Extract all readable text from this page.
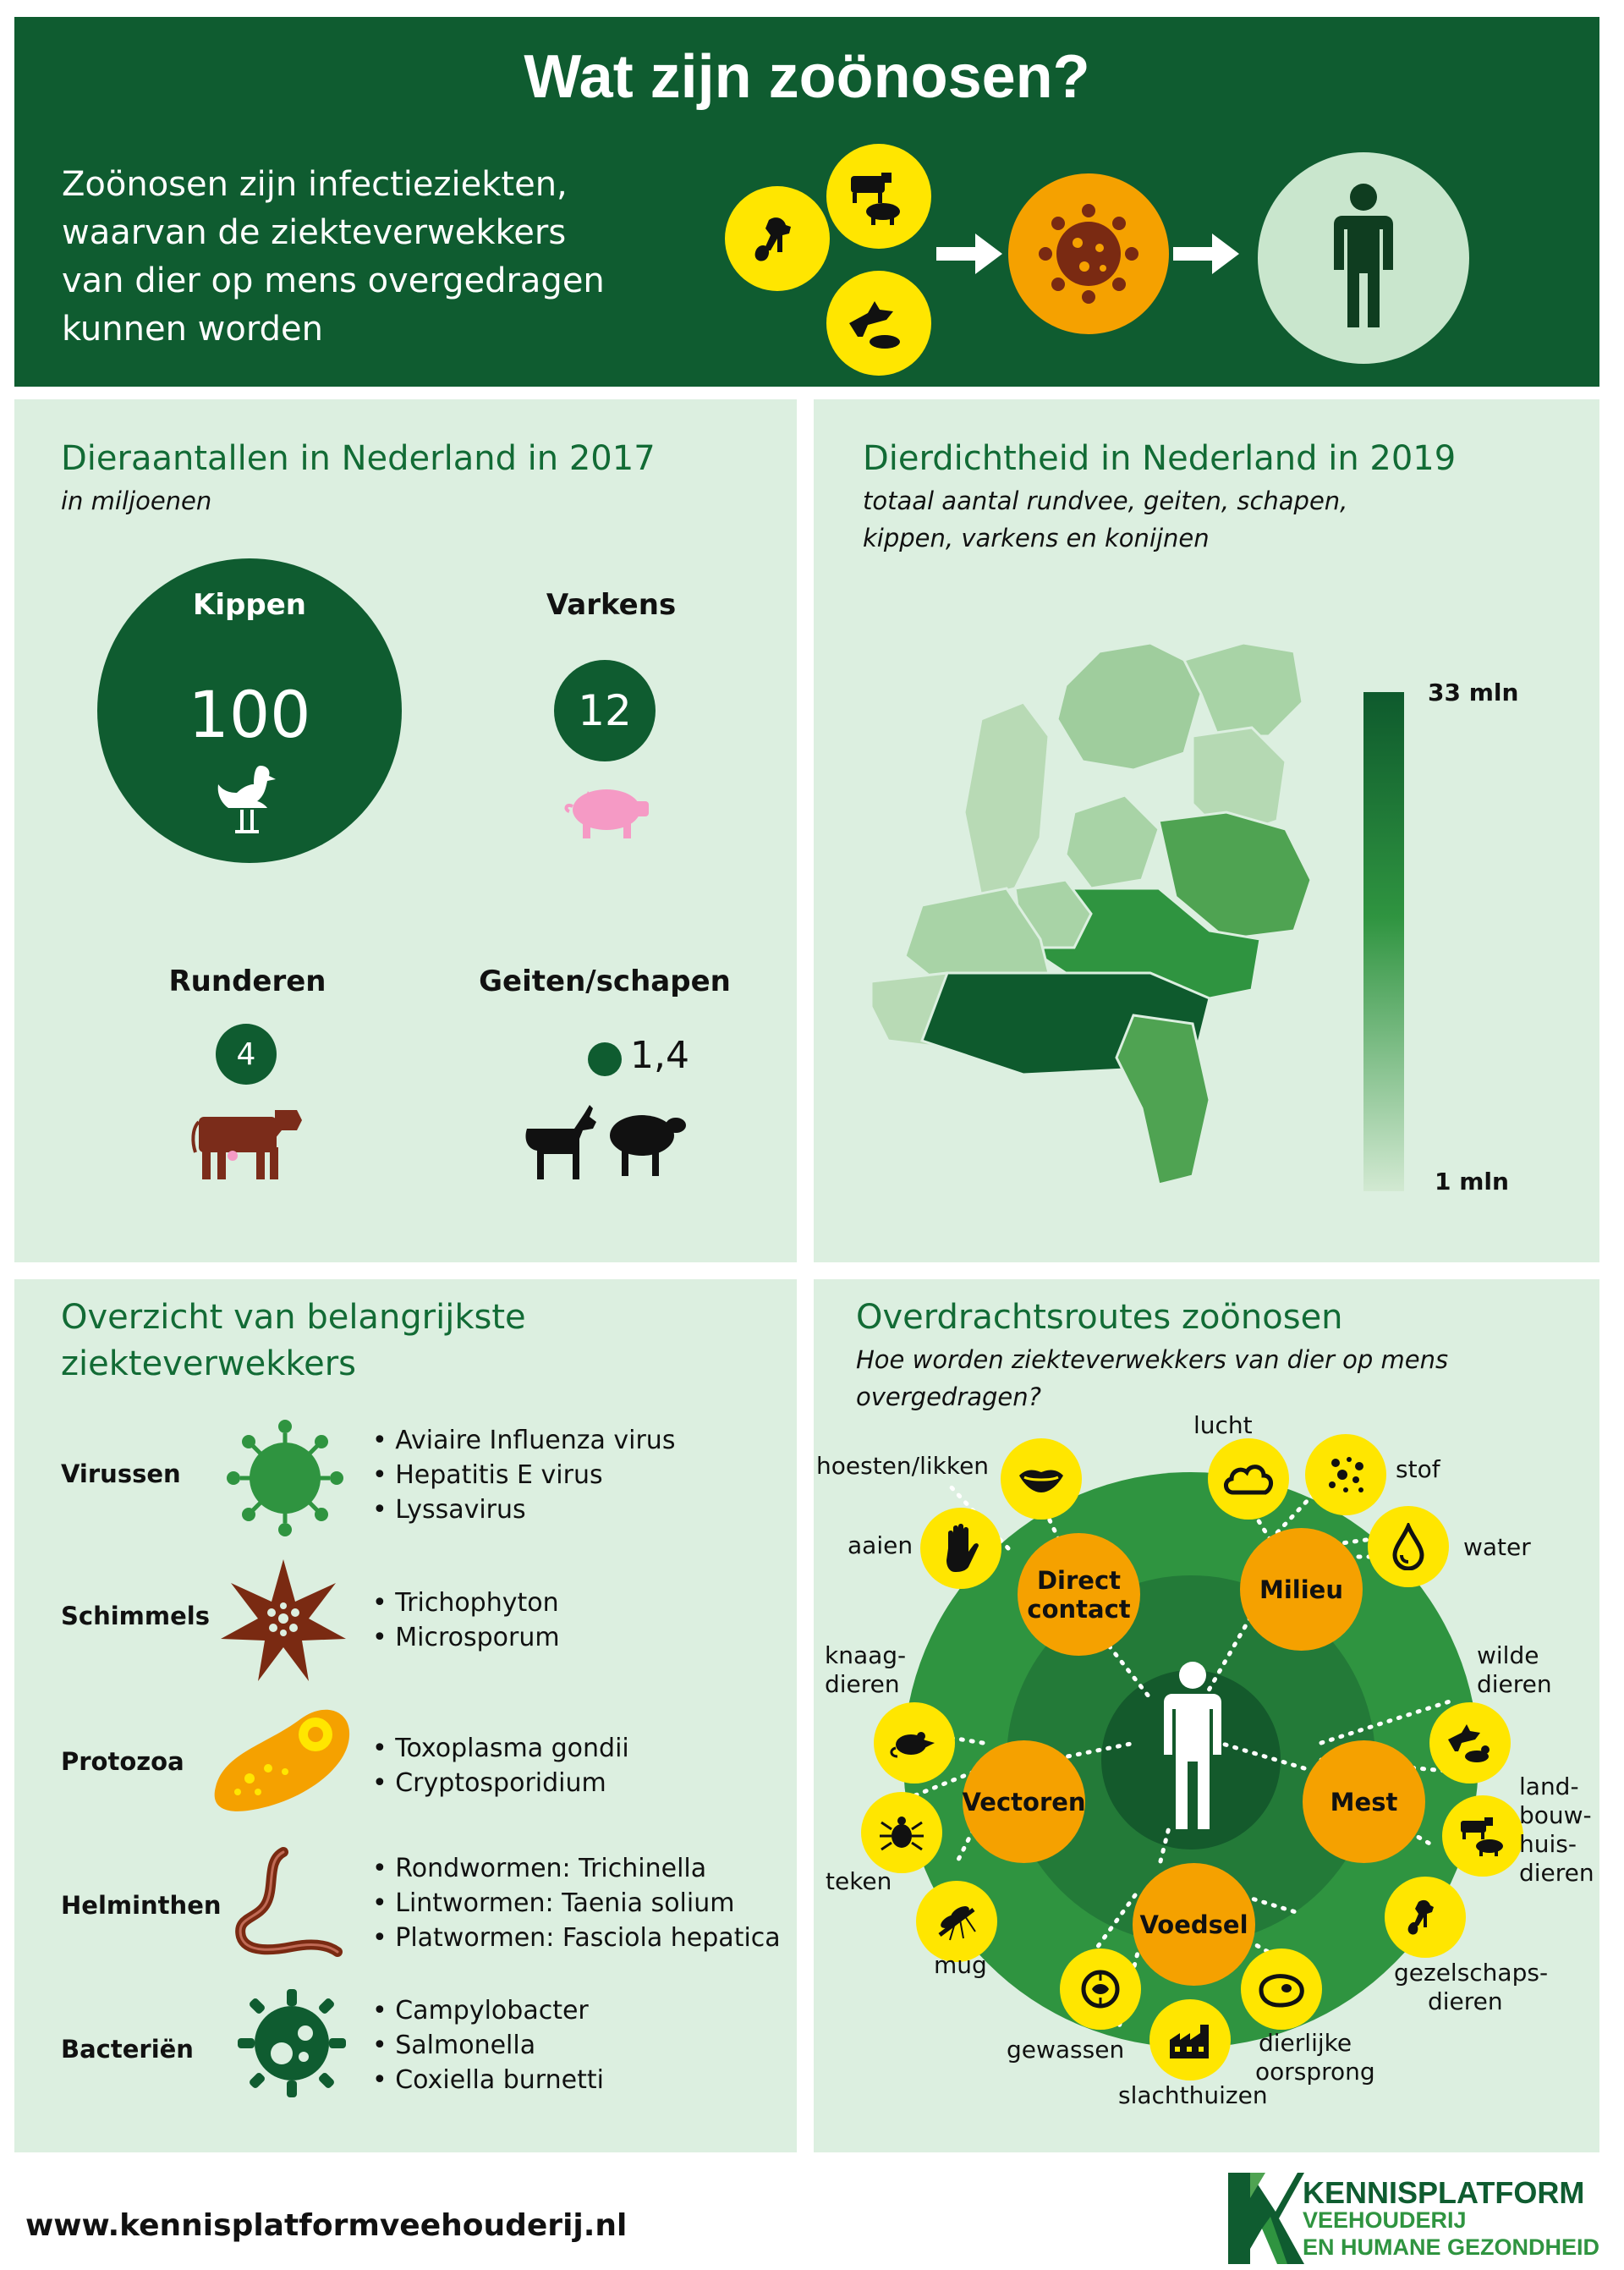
Wat zijn zoönosen?
Zoönosen zijn infectieziekten,
waarvan de ziekteverwekkers
van dier op mens overgedragen
kunnen worden
Dieraantallen in Nederland in 2017
in miljoenen
Kippen
100
Varkens
12
Runderen
4
Geiten/schapen
1,4
Dierdichtheid in Nederland in 2019
totaal aantal rundvee, geiten, schapen,
kippen, varkens en konijnen
33 mln
1 mln
Overzicht van belangrijkste
ziekteverwekkers
Virussen
• Aviaire Influenza virus
• Hepatitis E virus
• Lyssavirus
Schimmels	• Trichophyton
• Microsporum
Protozoa	• Toxoplasma gondii
• Cryptosporidium
Helminthen
• Rondwormen: Trichinella
• Lintwormen: Taenia solium
• Platwormen: Fasciola hepatica
Bacteriën
• Campylobacter
• Salmonella
• Coxiella burnetti
Overdrachtsroutes zoönosen
Hoe worden ziekteverwekkers van dier op mens overgedragen?
Direct contact
Milieu
Vectoren	Mest
Voedsel
hoesten/likken
lucht
stof
aaien	water
knaag-
dieren
wilde
dieren
land-
bouw-
huis-
dieren
teken
mug	gezelschaps-
dieren
gewassen	dierlijke
oorsprong
slachthuizen
www.kennisplatformveehouderij.nl
KENNISPLATFORM
VEEHOUDERIJ
EN HUMANE GEZONDHEID
